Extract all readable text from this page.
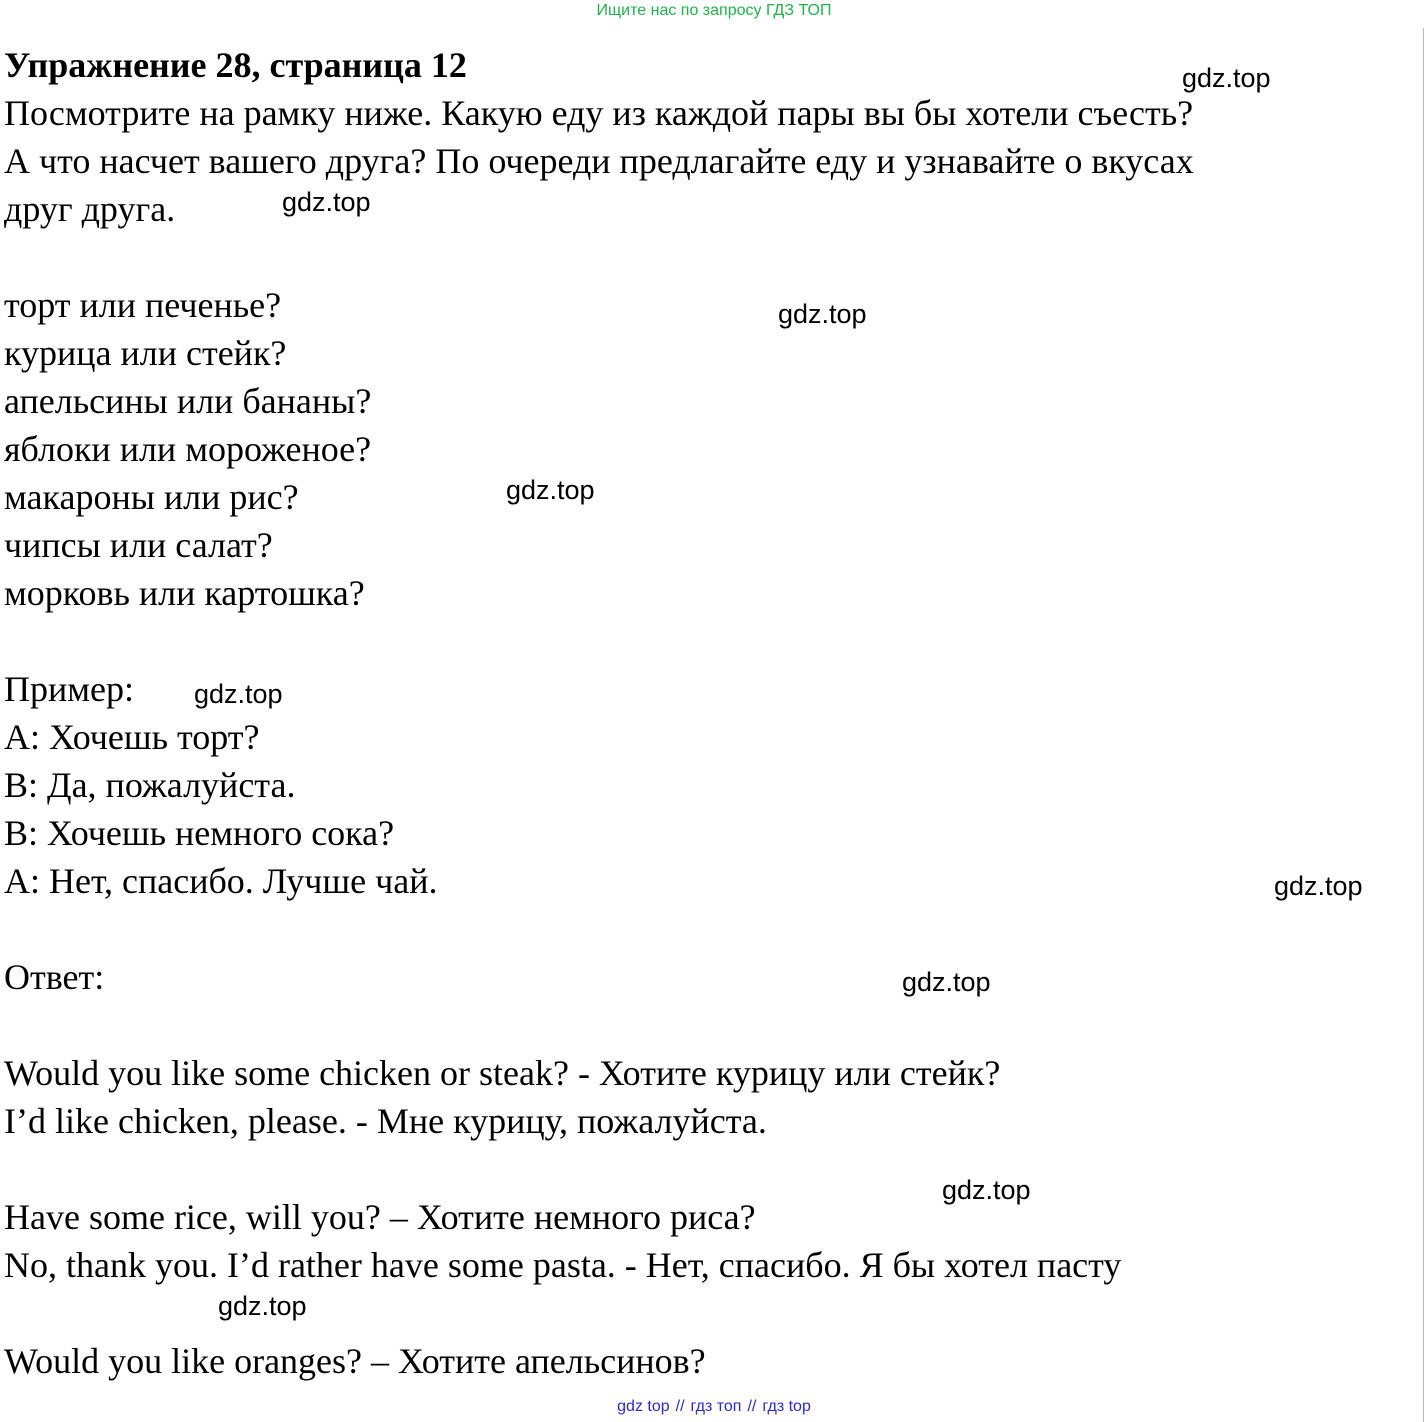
Ищите нас по запросу ГДЗ ТОП
Упражнение 28, страница 12
Посмотрите на рамку ниже. Какую еду из каждой пары вы бы хотели съесть?
А что насчет вашего друга? По очереди предлагайте еду и узнавайте о вкусах
друг друга.
торт или печенье?
курица или стейк?
апельсины или бананы?
яблоки или мороженое?
макароны или рис?
чипсы или салат?
морковь или картошка?
Пример:
A: Хочешь торт?
B: Да, пожалуйста.
B: Хочешь немного сока?
A: Нет, спасибо. Лучше чай.
Ответ:
Would you like some chicken or steak? - Хотите курицу или стейк?
I’d like chicken, please. - Мне курицу, пожалуйста.
Have some rice, will you? – Хотите немного риса?
No, thank you. I’d rather have some pasta. - Нет, спасибо. Я бы хотел пасту
Would you like oranges? – Хотите апельсинов?
gdz.top
gdz.top
gdz.top
gdz.top
gdz.top
gdz.top
gdz.top
gdz.top
gdz.top
gdz top // гдз топ // гдз top
